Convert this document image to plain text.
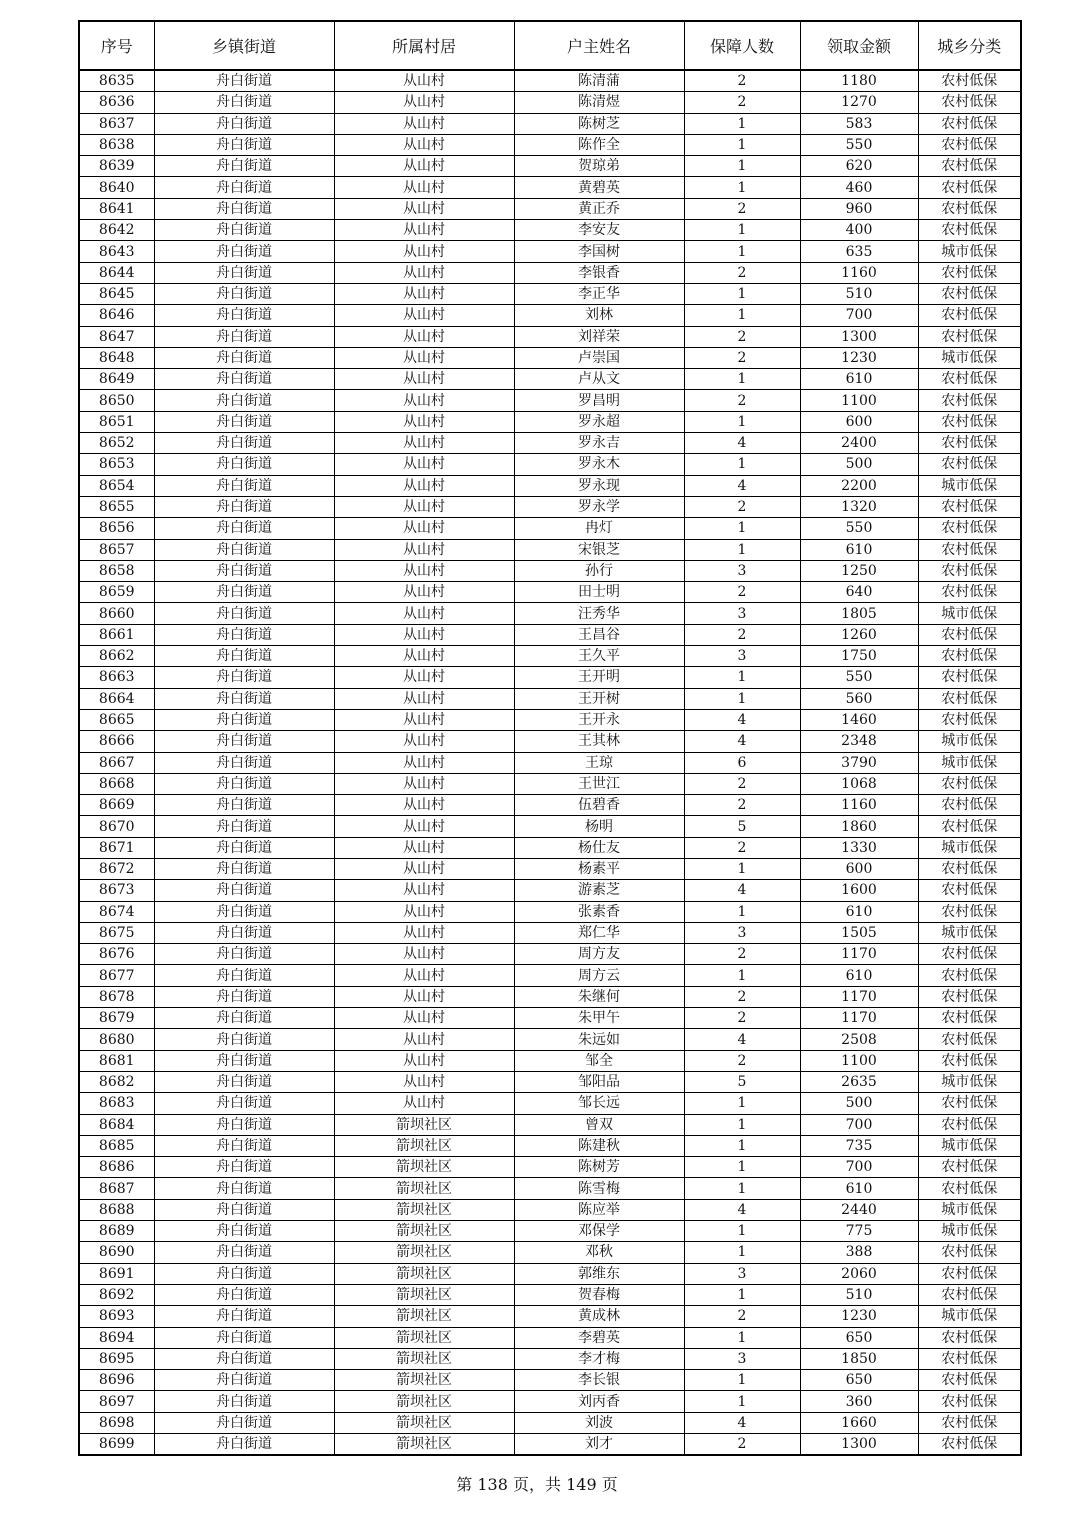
序号	乡镇街道	所属村居	户主姓名	保障人数	领取金额	城乡分类
8635	舟白街道	从山村	陈清蒲	2	1180	农村低保
8636	舟白街道	从山村	陈清煜	2	1270	农村低保
8637	舟白街道	从山村	陈树芝	1	583	农村低保
8638	舟白街道	从山村	陈作全	1	550	农村低保
8639	舟白街道	从山村	贺琼弟	1	620	农村低保
8640	舟白街道	从山村	黄碧英	1	460	农村低保
8641	舟白街道	从山村	黄正乔	2	960	农村低保
8642	舟白街道	从山村	李安友	1	400	农村低保
8643	舟白街道	从山村	李国树	1	635	城市低保
8644	舟白街道	从山村	李银香	2	1160	农村低保
8645	舟白街道	从山村	李正华	1	510	农村低保
8646	舟白街道	从山村	刘林	1	700	农村低保
8647	舟白街道	从山村	刘祥荣	2	1300	农村低保
8648	舟白街道	从山村	卢崇国	2	1230	城市低保
8649	舟白街道	从山村	卢从文	1	610	农村低保
8650	舟白街道	从山村	罗昌明	2	1100	农村低保
8651	舟白街道	从山村	罗永超	1	600	农村低保
8652	舟白街道	从山村	罗永吉	4	2400	农村低保
8653	舟白街道	从山村	罗永木	1	500	农村低保
8654	舟白街道	从山村	罗永现	4	2200	城市低保
8655	舟白街道	从山村	罗永学	2	1320	农村低保
8656	舟白街道	从山村	冉灯	1	550	农村低保
8657	舟白街道	从山村	宋银芝	1	610	农村低保
8658	舟白街道	从山村	孙行	3	1250	农村低保
8659	舟白街道	从山村	田士明	2	640	农村低保
8660	舟白街道	从山村	汪秀华	3	1805	城市低保
8661	舟白街道	从山村	王昌谷	2	1260	农村低保
8662	舟白街道	从山村	王久平	3	1750	农村低保
8663	舟白街道	从山村	王开明	1	550	农村低保
8664	舟白街道	从山村	王开树	1	560	农村低保
8665	舟白街道	从山村	王开永	4	1460	农村低保
8666	舟白街道	从山村	王其林	4	2348	城市低保
8667	舟白街道	从山村	王琼	6	3790	城市低保
8668	舟白街道	从山村	王世江	2	1068	农村低保
8669	舟白街道	从山村	伍碧香	2	1160	农村低保
8670	舟白街道	从山村	杨明	5	1860	农村低保
8671	舟白街道	从山村	杨仕友	2	1330	城市低保
8672	舟白街道	从山村	杨素平	1	600	农村低保
8673	舟白街道	从山村	游素芝	4	1600	农村低保
8674	舟白街道	从山村	张素香	1	610	农村低保
8675	舟白街道	从山村	郑仁华	3	1505	城市低保
8676	舟白街道	从山村	周方友	2	1170	农村低保
8677	舟白街道	从山村	周方云	1	610	农村低保
8678	舟白街道	从山村	朱继何	2	1170	农村低保
8679	舟白街道	从山村	朱甲午	2	1170	农村低保
8680	舟白街道	从山村	朱远如	4	2508	农村低保
8681	舟白街道	从山村	邹全	2	1100	农村低保
8682	舟白街道	从山村	邹阳品	5	2635	城市低保
8683	舟白街道	从山村	邹长远	1	500	农村低保
8684	舟白街道	箭坝社区	曾双	1	700	农村低保
8685	舟白街道	箭坝社区	陈建秋	1	735	城市低保
8686	舟白街道	箭坝社区	陈树芳	1	700	农村低保
8687	舟白街道	箭坝社区	陈雪梅	1	610	农村低保
8688	舟白街道	箭坝社区	陈应举	4	2440	城市低保
8689	舟白街道	箭坝社区	邓保学	1	775	城市低保
8690	舟白街道	箭坝社区	邓秋	1	388	农村低保
8691	舟白街道	箭坝社区	郭维东	3	2060	农村低保
8692	舟白街道	箭坝社区	贺春梅	1	510	农村低保
8693	舟白街道	箭坝社区	黄成林	2	1230	城市低保
8694	舟白街道	箭坝社区	李碧英	1	650	农村低保
8695	舟白街道	箭坝社区	李才梅	3	1850	农村低保
8696	舟白街道	箭坝社区	李长银	1	650	农村低保
8697	舟白街道	箭坝社区	刘丙香	1	360	农村低保
8698	舟白街道	箭坝社区	刘波	4	1660	农村低保
8699	舟白街道	箭坝社区	刘才	2	1300	农村低保
第 138 页，共 149 页
